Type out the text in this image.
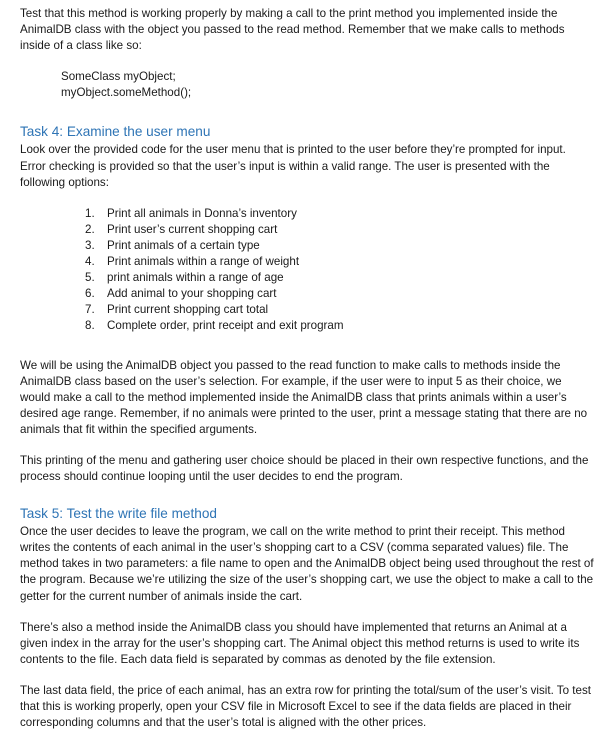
Test that this method is working properly by making a call to the print method you implemented inside the AnimalDB class with the object you passed to the read method. Remember that we make calls to methods inside of a class like so:

SomeClass myObject;
myObject.someMethod();
Task 4: Examine the user menu

Look over the provided code for the user menu that is printed to the user before they’re prompted for input. Error checking is provided so that the user’s input is within a valid range. The user is presented with the following options:

1.	Print all animals in Donna’s inventory
2.	Print user’s current shopping cart
3.	Print animals of a certain type
4.	Print animals within a range of weight
5.	print animals within a range of age
6.	Add animal to your shopping cart
7.	Print current shopping cart total
8.	Complete order, print receipt and exit program

We will be using the AnimalDB object you passed to the read function to make calls to methods inside the AnimalDB class based on the user’s selection. For example, if the user were to input 5 as their choice, we would make a call to the method implemented inside the AnimalDB class that prints animals within a user’s desired age range. Remember, if no animals were printed to the user, print a message stating that there are no animals that fit within the specified arguments.

This printing of the menu and gathering user choice should be placed in their own respective functions, and the process should continue looping until the user decides to end the program.

Task 5: Test the write file method

Once the user decides to leave the program, we call on the write method to print their receipt. This method writes the contents of each animal in the user’s shopping cart to a CSV (comma separated values) file. The method takes in two parameters: a file name to open and the AnimalDB object being used throughout the rest of the program. Because we’re utilizing the size of the user’s shopping cart, we use the object to make a call to the getter for the current number of animals inside the cart.

There’s also a method inside the AnimalDB class you should have implemented that returns an Animal at a given index in the array for the user’s shopping cart. The Animal object this method returns is used to write its contents to the file. Each data field is separated by commas as denoted by the file extension.

The last data field, the price of each animal, has an extra row for printing the total/sum of the user’s visit. To test that this is working properly, open your CSV file in Microsoft Excel to see if the data fields are placed in their corresponding columns and that the user’s total is aligned with the other prices.
